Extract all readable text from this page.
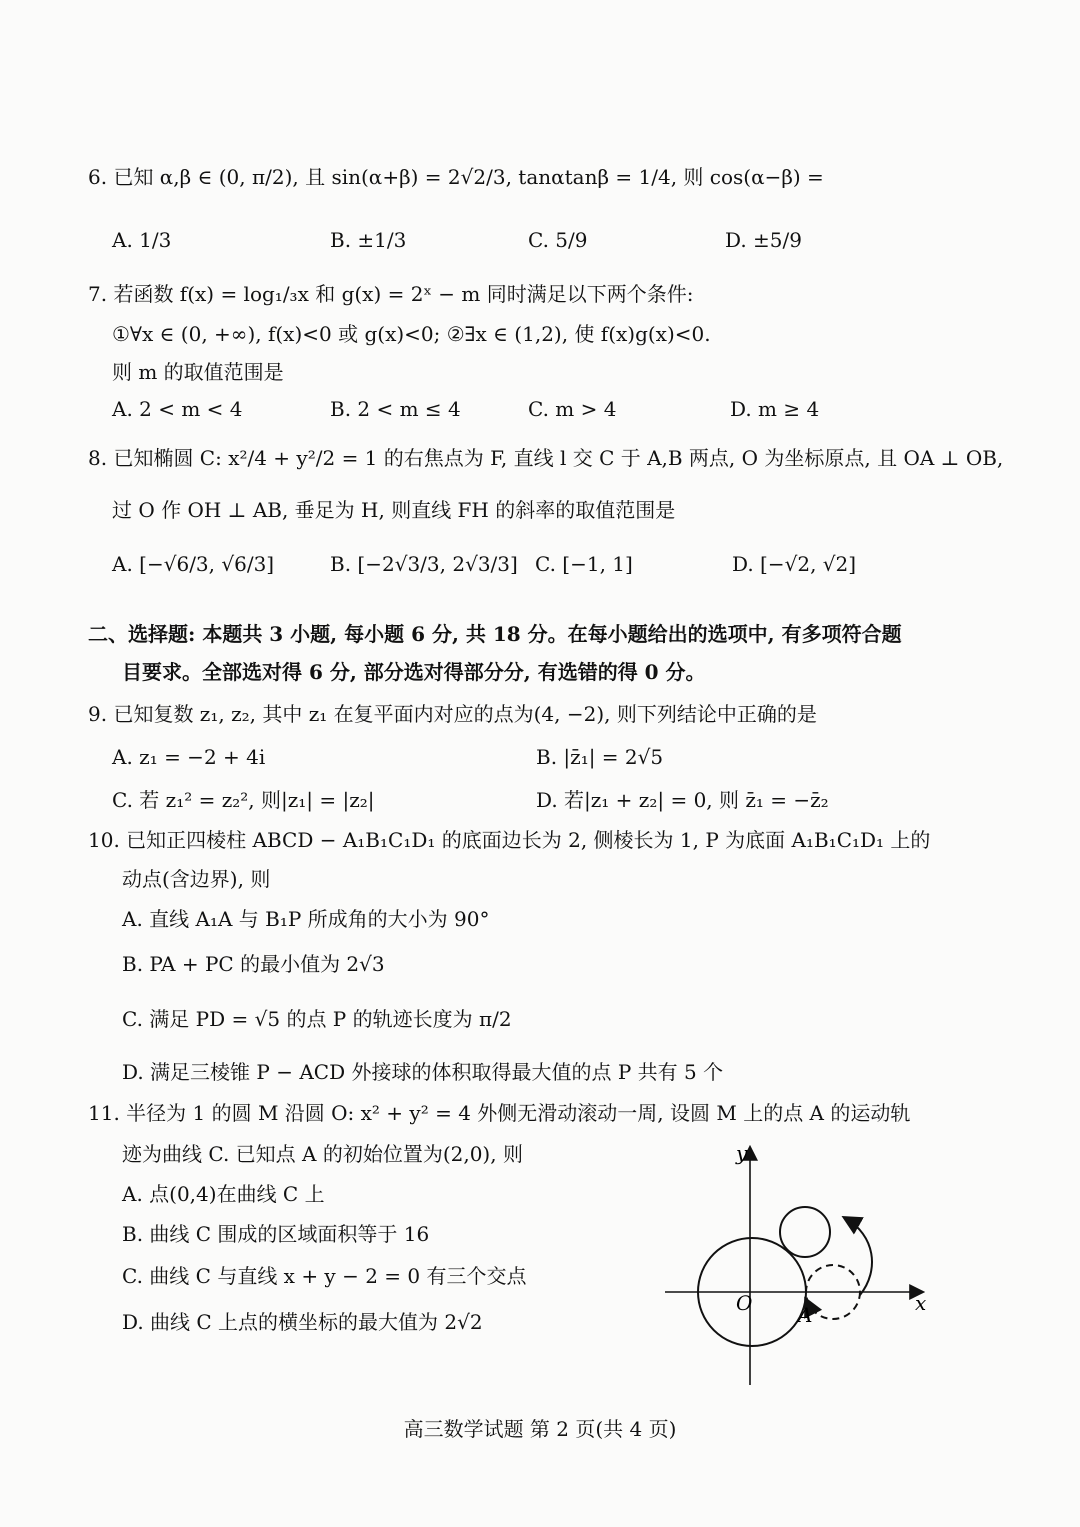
6. 已知 α,β ∈ (0, π/2), 且 sin(α+β) = 2√2/3, tanαtanβ = 1/4, 则 cos(α−β) =
A. 1/3	B. ±1/3	C. 5/9	D. ±5/9
7. 若函数 f(x) = log₁/₃x 和 g(x) = 2ˣ − m 同时满足以下两个条件:
①∀x ∈ (0, +∞), f(x)<0 或 g(x)<0; ②∃x ∈ (1,2), 使 f(x)g(x)<0.
则 m 的取值范围是
A. 2 < m < 4	B. 2 < m ≤ 4	C. m > 4	D. m ≥ 4
8. 已知椭圆 C: x²/4 + y²/2 = 1 的右焦点为 F, 直线 l 交 C 于 A,B 两点, O 为坐标原点, 且 OA ⊥ OB,
过 O 作 OH ⊥ AB, 垂足为 H, 则直线 FH 的斜率的取值范围是
A. [−√6/3, √6/3]	B. [−2√3/3, 2√3/3] C. [−1, 1]	D. [−√2, √2]
二、选择题: 本题共 3 小题, 每小题 6 分, 共 18 分。在每小题给出的选项中, 有多项符合题
目要求。全部选对得 6 分, 部分选对得部分分, 有选错的得 0 分。
9. 已知复数 z₁, z₂, 其中 z₁ 在复平面内对应的点为(4, −2), 则下列结论中正确的是
A. z₁ = −2 + 4i	B. |z̄₁| = 2√5
C. 若 z₁² = z₂², 则|z₁| = |z₂|	D. 若|z₁ + z₂| = 0, 则 z̄₁ = −z̄₂
10. 已知正四棱柱 ABCD − A₁B₁C₁D₁ 的底面边长为 2, 侧棱长为 1, P 为底面 A₁B₁C₁D₁ 上的
动点(含边界), 则
A. 直线 A₁A 与 B₁P 所成角的大小为 90°
B. PA + PC 的最小值为 2√3
C. 满足 PD = √5 的点 P 的轨迹长度为 π/2
D. 满足三棱锥 P − ACD 外接球的体积取得最大值的点 P 共有 5 个
11. 半径为 1 的圆 M 沿圆 O: x² + y² = 4 外侧无滑动滚动一周, 设圆 M 上的点 A 的运动轨
迹为曲线 C. 已知点 A 的初始位置为(2,0), 则
A. 点(0,4)在曲线 C 上
B. 曲线 C 围成的区域面积等于 16
C. 曲线 C 与直线 x + y − 2 = 0 有三个交点
D. 曲线 C 上点的横坐标的最大值为 2√2
y
x
O A
高三数学试题 第 2 页(共 4 页)
